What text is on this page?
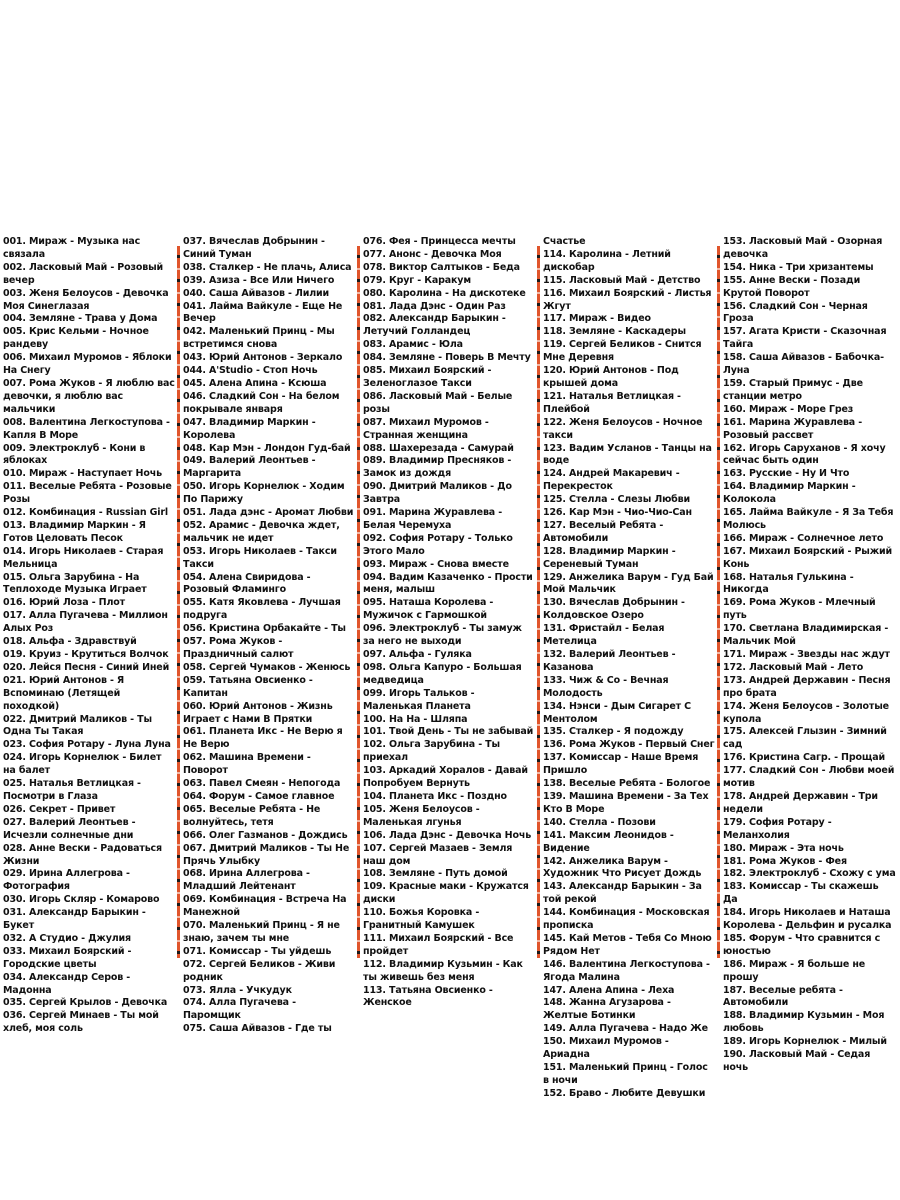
001. Мираж - Музыка нас связала

002. Ласковый Май - Розовый вечер

003. Женя Белоусов - Девочка Моя Синеглазая

004. Земляне - Трава у Дома

005. Крис Кельми - Ночное рандеву

006. Михаил Муромов - Яблоки На Снегу

007. Рома Жуков - Я люблю вас девочки, я люблю вас мальчики

008. Валентина Легкоступова - Капля В Море

009. Электроклуб - Кони в яблоках

010. Мираж - Наступает Ночь

011. Веселые Ребята - Розовые Розы

012. Комбинация - Russian Girl

013. Владимир Маркин - Я Готов Целовать Песок

014. Игорь Николаев - Старая Мельница

015. Ольга Зарубина - На Теплоходе Музыка Играет

016. Юрий Лоза - Плот

017. Алла Пугачева - Миллион Алых Роз

018. Альфа - Здравствуй

019. Круиз - Крутиться Волчок

020. Лейся Песня - Синий Иней

021. Юрий Антонов - Я Вспоминаю (Летящей походкой)

022. Дмитрий Маликов - Ты Одна Ты Такая

023. София Ротару - Луна Луна

024. Игорь Корнелюк - Билет на балет

025. Наталья Ветлицкая - Посмотри в Глаза

026. Секрет - Привет

027. Валерий Леонтьев - Исчезли солнечные дни

028. Анне Вески - Радоваться Жизни

029. Ирина Аллегрова - Фотография

030. Игорь Скляр - Комарово

031. Александр Барыкин - Букет

032. А Студио - Джулия

033. Михаил Боярский - Городские цветы

034. Александр Серов - Мадонна

035. Сергей Крылов - Девочка

036. Сергей Минаев - Ты мой хлеб, моя соль

037. Вячеслав Добрынин - Синий Туман

038. Сталкер - Не плачь, Алиса

039. Азиза - Все Или Ничего

040. Саша Айвазов - Лилии

041. Лайма Вайкуле - Еще Не Вечер

042. Маленький Принц - Мы встретимся снова

043. Юрий Антонов - Зеркало

044. A'Studio - Стоп Ночь

045. Алена Апина - Ксюша

046. Сладкий Сон - На белом покрывале января

047. Владимир Маркин - Королева

048. Кар Мэн - Лондон Гуд-бай

049. Валерий Леонтьев - Маргарита

050. Игорь Корнелюк - Ходим По Парижу

051. Лада дэнс - Аромат Любви

052. Арамис - Девочка ждет, мальчик не идет

053. Игорь Николаев - Такси Такси

054. Алена Свиридова - Розовый Фламинго

055. Катя Яковлева - Лучшая подруга

056. Кристина Орбакайте - Ты

057. Рома Жуков - Праздничный салют

058. Сергей Чумаков - Женюсь

059. Татьяна Овсиенко - Капитан

060. Юрий Антонов - Жизнь Играет с Нами В Прятки

061. Планета Икс - Не Верю я Не Верю

062. Машина Времени - Поворот

063. Павел Смеян - Непогода

064. Форум - Самое главное

065. Веселые Ребята - Не волнуйтесь, тетя

066. Олег Газманов - Дождись

067. Дмитрий Маликов - Ты Не Прячь Улыбку

068. Ирина Аллегрова - Младший Лейтенант

069. Комбинация - Встреча На Манежной

070. Маленький Принц - Я не знаю, зачем ты мне

071. Комиссар - Ты уйдешь

072. Сергей Беликов - Живи родник

073. Ялла - Учкудук

074. Алла Пугачева - Паромщик

075. Саша Айвазов - Где ты

076. Фея - Принцесса мечты

077. Анонс - Девочка Моя

078. Виктор Салтыков - Беда

079. Круг - Каракум

080. Каролина - На дискотеке

081. Лада Дэнс - Один Раз

082. Александр Барыкин - Летучий Голландец

083. Арамис - Юла

084. Земляне - Поверь В Мечту

085. Михаил Боярский - Зеленоглазое Такси

086. Ласковый Май - Белые розы

087. Михаил Муромов - Странная женщина

088. Шахерезада - Самурай

089. Владимир Пресняков - Замок из дождя

090. Дмитрий Маликов - До Завтра

091. Марина Журавлева - Белая Черемуха

092. София Ротару - Только Этого Мало

093. Мираж - Снова вместе

094. Вадим Казаченко - Прости меня, малыш

095. Наташа Королева - Мужичок с Гармошкой

096. Электроклуб - Ты замуж за него не выходи

097. Альфа - Гуляка

098. Ольга Капуро - Большая медведица

099. Игорь Тальков - Маленькая Планета

100. На На - Шляпа

101. Твой День - Ты не забывай

102. Ольга Зарубина - Ты приехал

103. Аркадий Хоралов - Давай Попробуем Вернуть

104. Планета Икс - Поздно

105. Женя Белоусов - Маленькая лгунья

106. Лада Дэнс - Девочка Ночь

107. Сергей Мазаев - Земля наш дом

108. Земляне - Путь домой

109. Красные маки - Кружатся диски

110. Божья Коровка - Гранитный Камушек

111. Михаил Боярский - Все пройдет

112. Владимир Кузьмин - Как ты живешь без меня

113. Татьяна Овсиенко - Женское

Счастье

114. Каролина - Летний дискобар

115. Ласковый Май - Детство

116. Михаил Боярский - Листья Жгут

117. Мираж - Видео

118. Земляне - Каскадеры

119. Сергей Беликов - Снится Мне Деревня

120. Юрий Антонов - Под крышей дома

121. Наталья Ветлицкая - Плейбой

122. Женя Белоусов - Ночное такси

123. Вадим Усланов - Танцы на воде

124. Андрей Макаревич - Перекресток

125. Стелла - Слезы Любви

126. Кар Мэн - Чио-Чио-Сан

127. Веселый Ребята - Автомобили

128. Владимир Маркин - Сереневый Туман

129. Анжелика Варум - Гуд Бай Мой Мальчик

130. Вячеслав Добрынин - Колдовское Озеро

131. Фристайл - Белая Метелица

132. Валерий Леонтьев - Казанова

133. Чиж & Со - Вечная Молодость

134. Нэнси - Дым Сигарет С Ментолом

135. Сталкер - Я подожду

136. Рома Жуков - Первый Снег

137. Комиссар - Наше Время Пришло

138. Веселые Ребята - Бологое

139. Машина Времени - За Тех Кто В Море

140. Стелла - Позови

141. Максим Леонидов - Видение

142. Анжелика Варум - Художник Что Рисует Дождь

143. Александр Барыкин - За той рекой

144. Комбинация - Московская прописка

145. Кай Метов - Тебя Со Мною Рядом Нет

146. Валентина Легкоступова - Ягода Малина

147. Алена Апина - Леха

148. Жанна Агузарова - Желтые Ботинки

149. Алла Пугачева - Надо Же

150. Михаил Муромов - Ариадна

151. Маленький Принц - Голос в ночи

152. Браво - Любите Девушки

153. Ласковый Май - Озорная девочка

154. Ника - Три хризантемы

155. Анне Вески - Позади Крутой Поворот

156. Сладкий Сон - Черная Гроза

157. Агата Кристи - Сказочная Тайга

158. Саша Айвазов - Бабочка-Луна

159. Старый Примус - Две станции метро

160. Мираж - Море Грез

161. Марина Журавлева - Розовый рассвет

162. Игорь Саруханов - Я хочу сейчас быть один

163. Русские - Ну И Что

164. Владимир Маркин - Колокола

165. Лайма Вайкуле - Я За Тебя Молюсь

166. Мираж - Солнечное лето

167. Михаил Боярский - Рыжий Конь

168. Наталья Гулькина - Никогда

169. Рома Жуков - Млечный путь

170. Светлана Владимирская - Мальчик Мой

171. Мираж - Звезды нас ждут

172. Ласковый Май - Лето

173. Андрей Державин - Песня про брата

174. Женя Белоусов - Золотые купола

175. Алексей Глызин - Зимний сад

176. Кристина Сагр. - Прощай

177. Сладкий Сон - Любви моей мотив

178. Андрей Державин - Три недели

179. София Ротару - Меланхолия

180. Мираж - Эта ночь

181. Рома Жуков - Фея

182. Электроклуб - Схожу с ума

183. Комиссар - Ты скажешь Да

184. Игорь Николаев и Наташа Королева - Дельфин и русалка

185. Форум - Что сравнится с юностью

186. Мираж - Я больше не прошу

187. Веселые ребята - Автомобили

188. Владимир Кузьмин - Моя любовь

189. Игорь Корнелюк - Милый

190. Ласковый Май - Седая ночь
